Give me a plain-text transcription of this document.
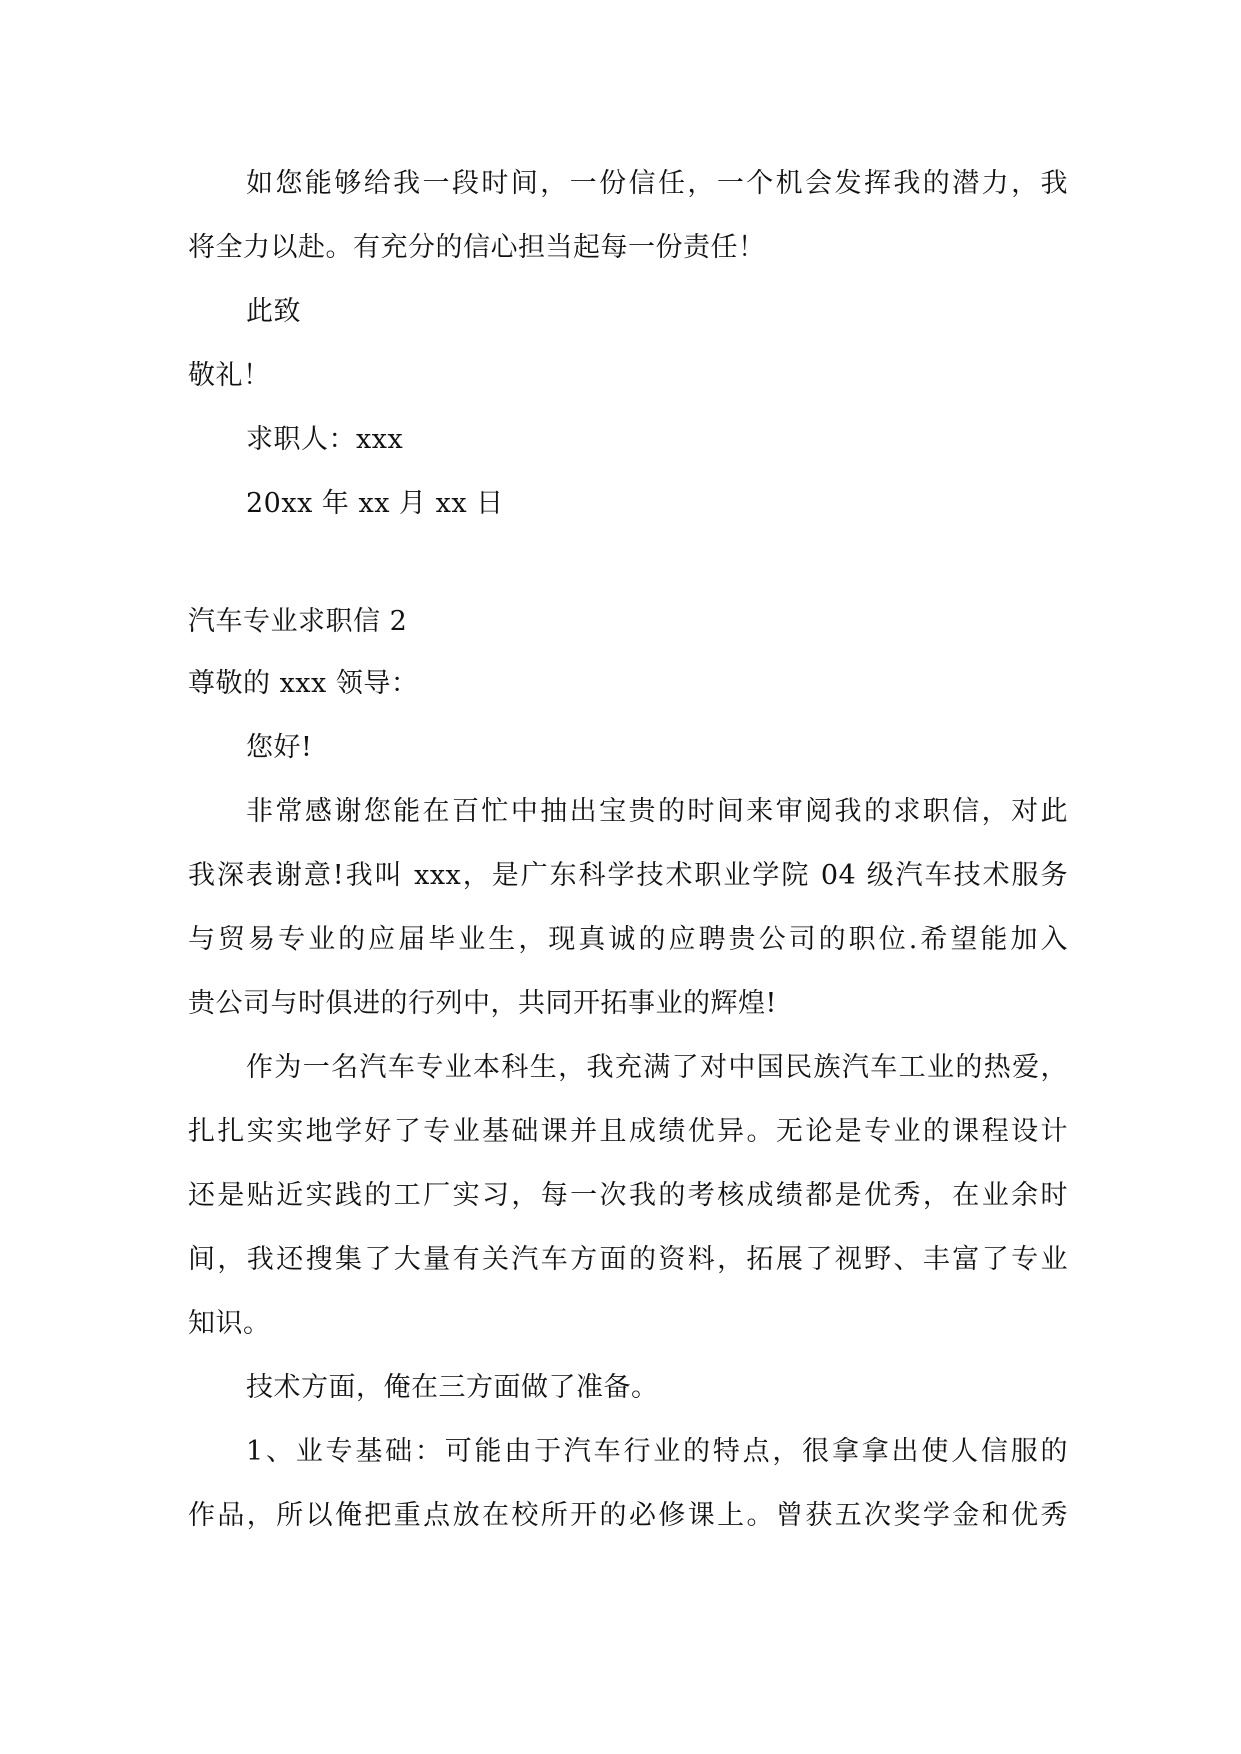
如您能够给我一段时间，一份信任，一个机会发挥我的潜力，我
将全力以赴。有充分的信心担当起每一份责任！
此致
敬礼！
求职人：xxx
20xx 年 xx 月 xx 日
汽车专业求职信 2
尊敬的 xxx 领导：
您好!
非常感谢您能在百忙中抽出宝贵的时间来审阅我的求职信，对此
我深表谢意!我叫 xxx，是广东科学技术职业学院 04 级汽车技术服务
与贸易专业的应届毕业生，现真诚的应聘贵公司的职位.希望能加入
贵公司与时俱进的行列中，共同开拓事业的辉煌!
作为一名汽车专业本科生，我充满了对中国民族汽车工业的热爱，
扎扎实实地学好了专业基础课并且成绩优异。无论是专业的课程设计
还是贴近实践的工厂实习，每一次我的考核成绩都是优秀，在业余时
间，我还搜集了大量有关汽车方面的资料，拓展了视野、丰富了专业
知识。
技术方面，俺在三方面做了准备。
1、业专基础：可能由于汽车行业的特点，很拿拿出使人信服的
作品，所以俺把重点放在校所开的必修课上。曾获五次奖学金和优秀
